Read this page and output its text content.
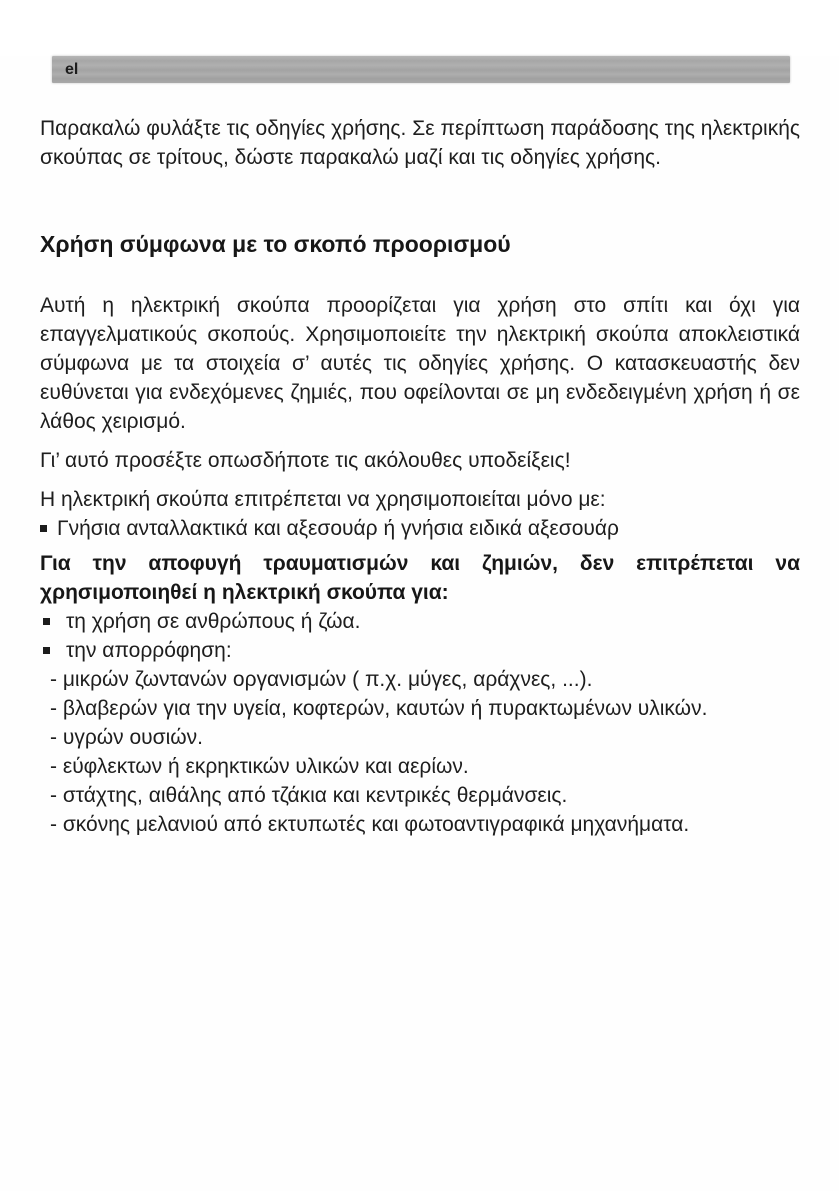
el

Παρακαλώ φυλάξτε τις οδηγίες χρήσης. Σε περίπτωση παράδοσης της ηλεκτρικής σκούπας σε τρίτους, δώστε παρακαλώ μαζί και τις οδηγίες χρήσης.

Χρήση σύμφωνα με το σκοπό προορισμού

Αυτή η ηλεκτρική σκούπα προορίζεται για χρήση στο σπίτι και όχι για επαγγελματικούς σκοπούς. Χρησιμοποιείτε την ηλεκτρική σκούπα αποκλειστικά σύμφωνα με τα στοιχεία σ’ αυτές τις οδηγίες χρήσης. Ο κατασκευαστής δεν ευθύνεται για ενδεχόμενες ζημιές, που οφείλονται σε μη ενδεδειγμένη χρήση ή σε λάθος χειρισμό.

Γι’ αυτό προσέξτε οπωσδήποτε τις ακόλουθες υποδείξεις!

Η ηλεκτρική σκούπα επιτρέπεται να χρησιμοποιείται μόνο με:

Γνήσια ανταλλακτικά και αξεσουάρ ή γνήσια ειδικά αξεσουάρ

Για την αποφυγή τραυματισμών και ζημιών, δεν επιτρέπεται να χρησιμοποιηθεί η ηλεκτρική σκούπα για:

τη χρήση σε ανθρώπους ή ζώα.
την απορρόφηση:
- μικρών ζωντανών οργανισμών ( π.χ. μύγες, αράχνες, ...).
- βλαβερών για την υγεία, κοφτερών, καυτών ή πυρακτωμένων υλικών.
- υγρών ουσιών.
- εύφλεκτων ή εκρηκτικών υλικών και αερίων.
- στάχτης, αιθάλης από τζάκια και κεντρικές θερμάνσεις.
- σκόνης μελανιού από εκτυπωτές και φωτοαντιγραφικά μηχανήματα.
